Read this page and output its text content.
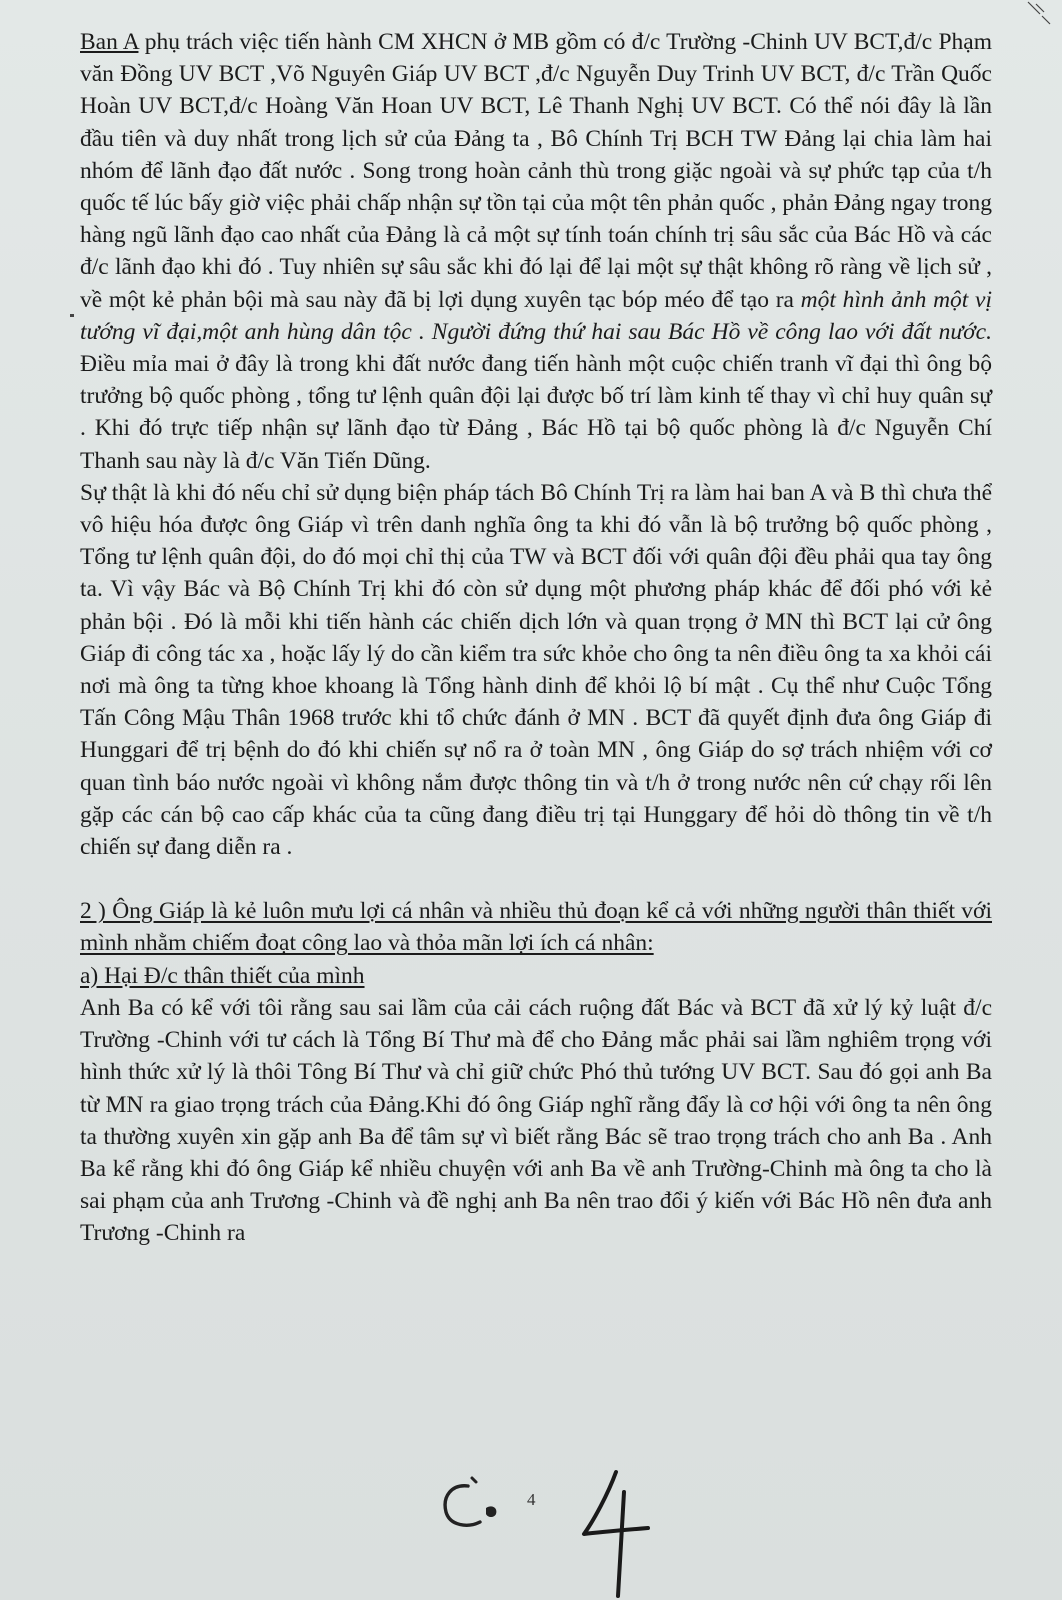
Ban A phụ trách việc tiến hành CM XHCN ở MB gồm có đ/c Trường -Chinh UV BCT,đ/c Phạm văn Đồng UV BCT ,Võ Nguyên Giáp UV BCT ,đ/c Nguyễn Duy Trinh UV BCT, đ/c Trần Quốc Hoàn UV BCT,đ/c Hoàng Văn Hoan UV BCT, Lê Thanh Nghị UV BCT. Có thể nói đây là lần đầu tiên và duy nhất trong lịch sử của Đảng ta , Bô Chính Trị BCH TW Đảng lại chia làm hai nhóm để lãnh đạo đất nước . Song trong hoàn cảnh thù trong giặc ngoài và sự phức tạp của t/h quốc tế lúc bấy giờ việc phải chấp nhận sự tồn tại của một tên phản quốc , phản Đảng ngay trong hàng ngũ lãnh đạo cao nhất của Đảng là cả một sự tính toán chính trị sâu sắc của Bác Hồ và các đ/c lãnh đạo khi đó . Tuy nhiên sự sâu sắc khi đó lại để lại một sự thật không rõ ràng về lịch sử , về một kẻ phản bội mà sau này đã bị lợi dụng xuyên tạc bóp méo để tạo ra một hình ảnh một vị tướng vĩ đại,một anh hùng dân tộc . Người đứng thứ hai sau Bác Hồ về công lao với đất nước. Điều mỉa mai ở đây là trong khi đất nước đang tiến hành một cuộc chiến tranh vĩ đại thì ông bộ trưởng bộ quốc phòng , tổng tư lệnh quân đội lại được bố trí làm kinh tế thay vì chỉ huy quân sự . Khi đó trực tiếp nhận sự lãnh đạo từ Đảng , Bác Hồ tại bộ quốc phòng là đ/c Nguyễn Chí Thanh sau này là đ/c Văn Tiến Dũng.

Sự thật là khi đó nếu chỉ sử dụng biện pháp tách Bô Chính Trị ra làm hai ban A và B thì chưa thể vô hiệu hóa được ông Giáp vì trên danh nghĩa ông ta khi đó vẫn là bộ trưởng bộ quốc phòng , Tổng tư lệnh quân đội, do đó mọi chỉ thị của TW và BCT đối với quân đội đều phải qua tay ông ta. Vì vậy Bác và Bộ Chính Trị khi đó còn sử dụng một phương pháp khác để đối phó với kẻ phản bội . Đó là mỗi khi tiến hành các chiến dịch lớn và quan trọng ở MN thì BCT lại cử ông Giáp đi công tác xa , hoặc lấy lý do cần kiểm tra sức khỏe cho ông ta nên điều ông ta xa khỏi cái nơi mà ông ta từng khoe khoang là Tổng hành dinh để khỏi lộ bí mật . Cụ thể như Cuộc Tổng Tấn Công Mậu Thân 1968 trước khi tổ chức đánh ở MN . BCT đã quyết định đưa ông Giáp đi Hunggari để trị bệnh do đó khi chiến sự nổ ra ở toàn MN , ông Giáp do sợ trách nhiệm với cơ quan tình báo nước ngoài vì không nắm được thông tin và t/h ở trong nước nên cứ chạy rối lên gặp các cán bộ cao cấp khác của ta cũng đang điều trị tại Hunggary để hỏi dò thông tin về t/h chiến sự đang diễn ra .

2 ) Ông Giáp là kẻ luôn mưu lợi cá nhân và nhiều thủ đoạn kể cả với những người thân thiết với mình nhằm chiếm đoạt công lao và thỏa mãn lợi ích cá nhân:

a) Hại Đ/c thân thiết của mình

Anh Ba có kể với tôi rằng sau sai lầm của cải cách ruộng đất Bác và BCT đã xử lý kỷ luật đ/c Trường -Chinh với tư cách là Tổng Bí Thư mà để cho Đảng mắc phải sai lầm nghiêm trọng với hình thức xử lý là thôi Tông Bí Thư và chỉ giữ chức Phó thủ tướng UV BCT. Sau đó gọi anh Ba từ MN ra giao trọng trách của Đảng.Khi đó ông Giáp nghĩ rằng đẩy là cơ hội với ông ta nên ông ta thường xuyên xin gặp anh Ba để tâm sự vì biết rằng Bác sẽ trao trọng trách cho anh Ba . Anh Ba kể rằng khi đó ông Giáp kể nhiều chuyện với anh Ba về anh Trường-Chinh mà ông ta cho là sai phạm của anh Trương -Chinh và đề nghị anh Ba nên trao đổi ý kiến với Bác Hồ nên đưa anh Trương -Chinh ra

4
